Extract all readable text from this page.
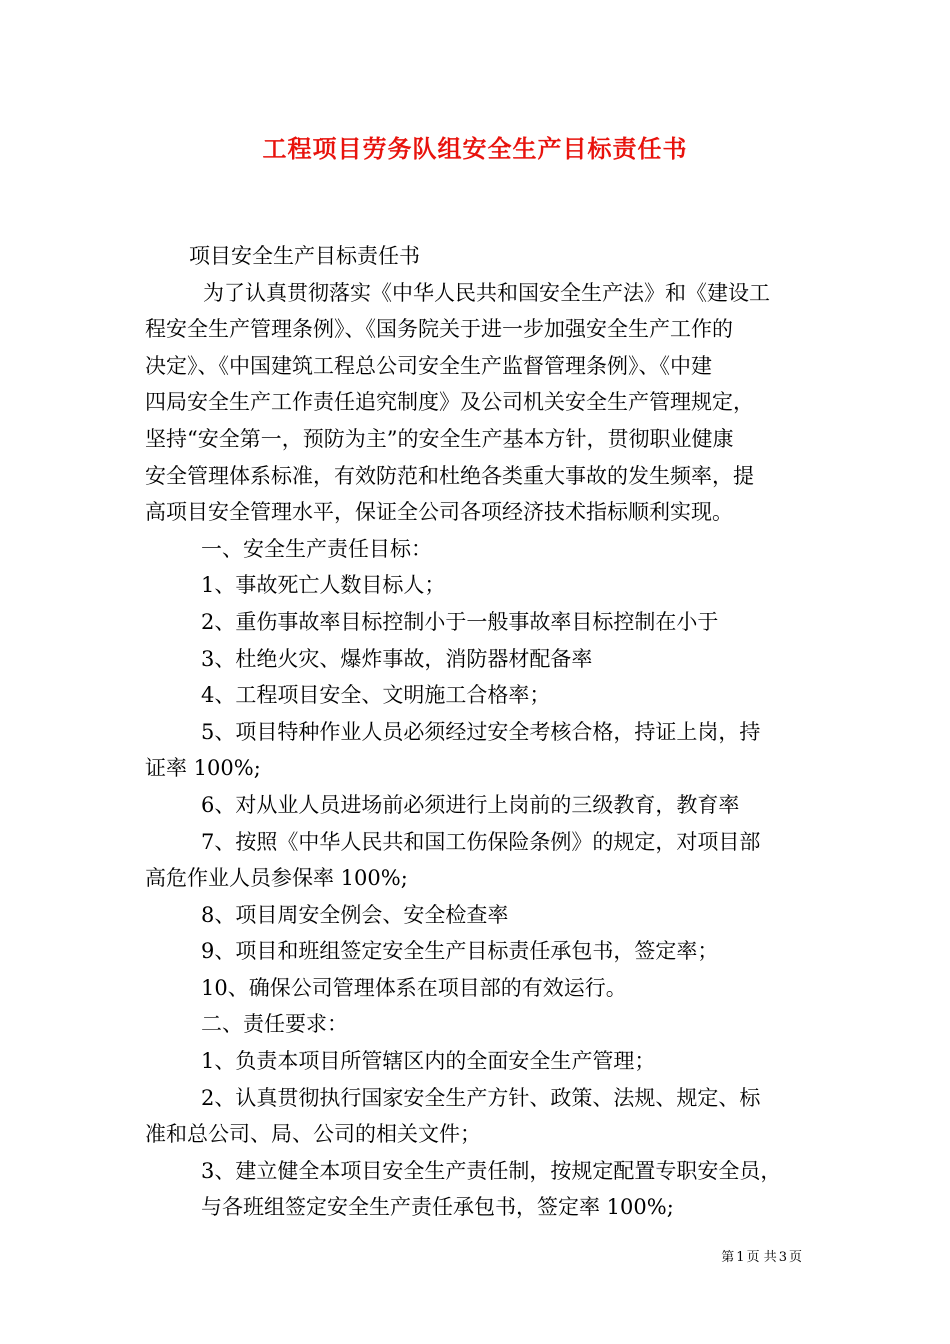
工程项目劳务队组安全生产目标责任书

项目安全生产目标责任书

为了认真贯彻落实《中华人民共和国安全生产法》和《建设工

程安全生产管理条例》、《国务院关于进一步加强安全生产工作的

决定》、《中国建筑工程总公司安全生产监督管理条例》、《中建

四局安全生产工作责任追究制度》及公司机关安全生产管理规定，

坚持“安全第一，预防为主”的安全生产基本方针，贯彻职业健康

安全管理体系标准，有效防范和杜绝各类重大事故的发生频率，提

高项目安全管理水平，保证全公司各项经济技术指标顺利实现。

一、安全生产责任目标：

1、事故死亡人数目标人；

2、重伤事故率目标控制小于一般事故率目标控制在小于

3、杜绝火灾、爆炸事故，消防器材配备率

4、工程项目安全、文明施工合格率；

5、项目特种作业人员必须经过安全考核合格，持证上岗，持

证率 100%;

6、对从业人员进场前必须进行上岗前的三级教育，教育率

7、按照《中华人民共和国工伤保险条例》的规定，对项目部

高危作业人员参保率 100%;

8、项目周安全例会、安全检查率

9、项目和班组签定安全生产目标责任承包书，签定率；

10、确保公司管理体系在项目部的有效运行。

二、责任要求：

1、负责本项目所管辖区内的全面安全生产管理；

2、认真贯彻执行国家安全生产方针、政策、法规、规定、标

准和总公司、局、公司的相关文件；

3、建立健全本项目安全生产责任制，按规定配置专职安全员，

与各班组签定安全生产责任承包书，签定率 100%;

第 1 页 共 3 页
